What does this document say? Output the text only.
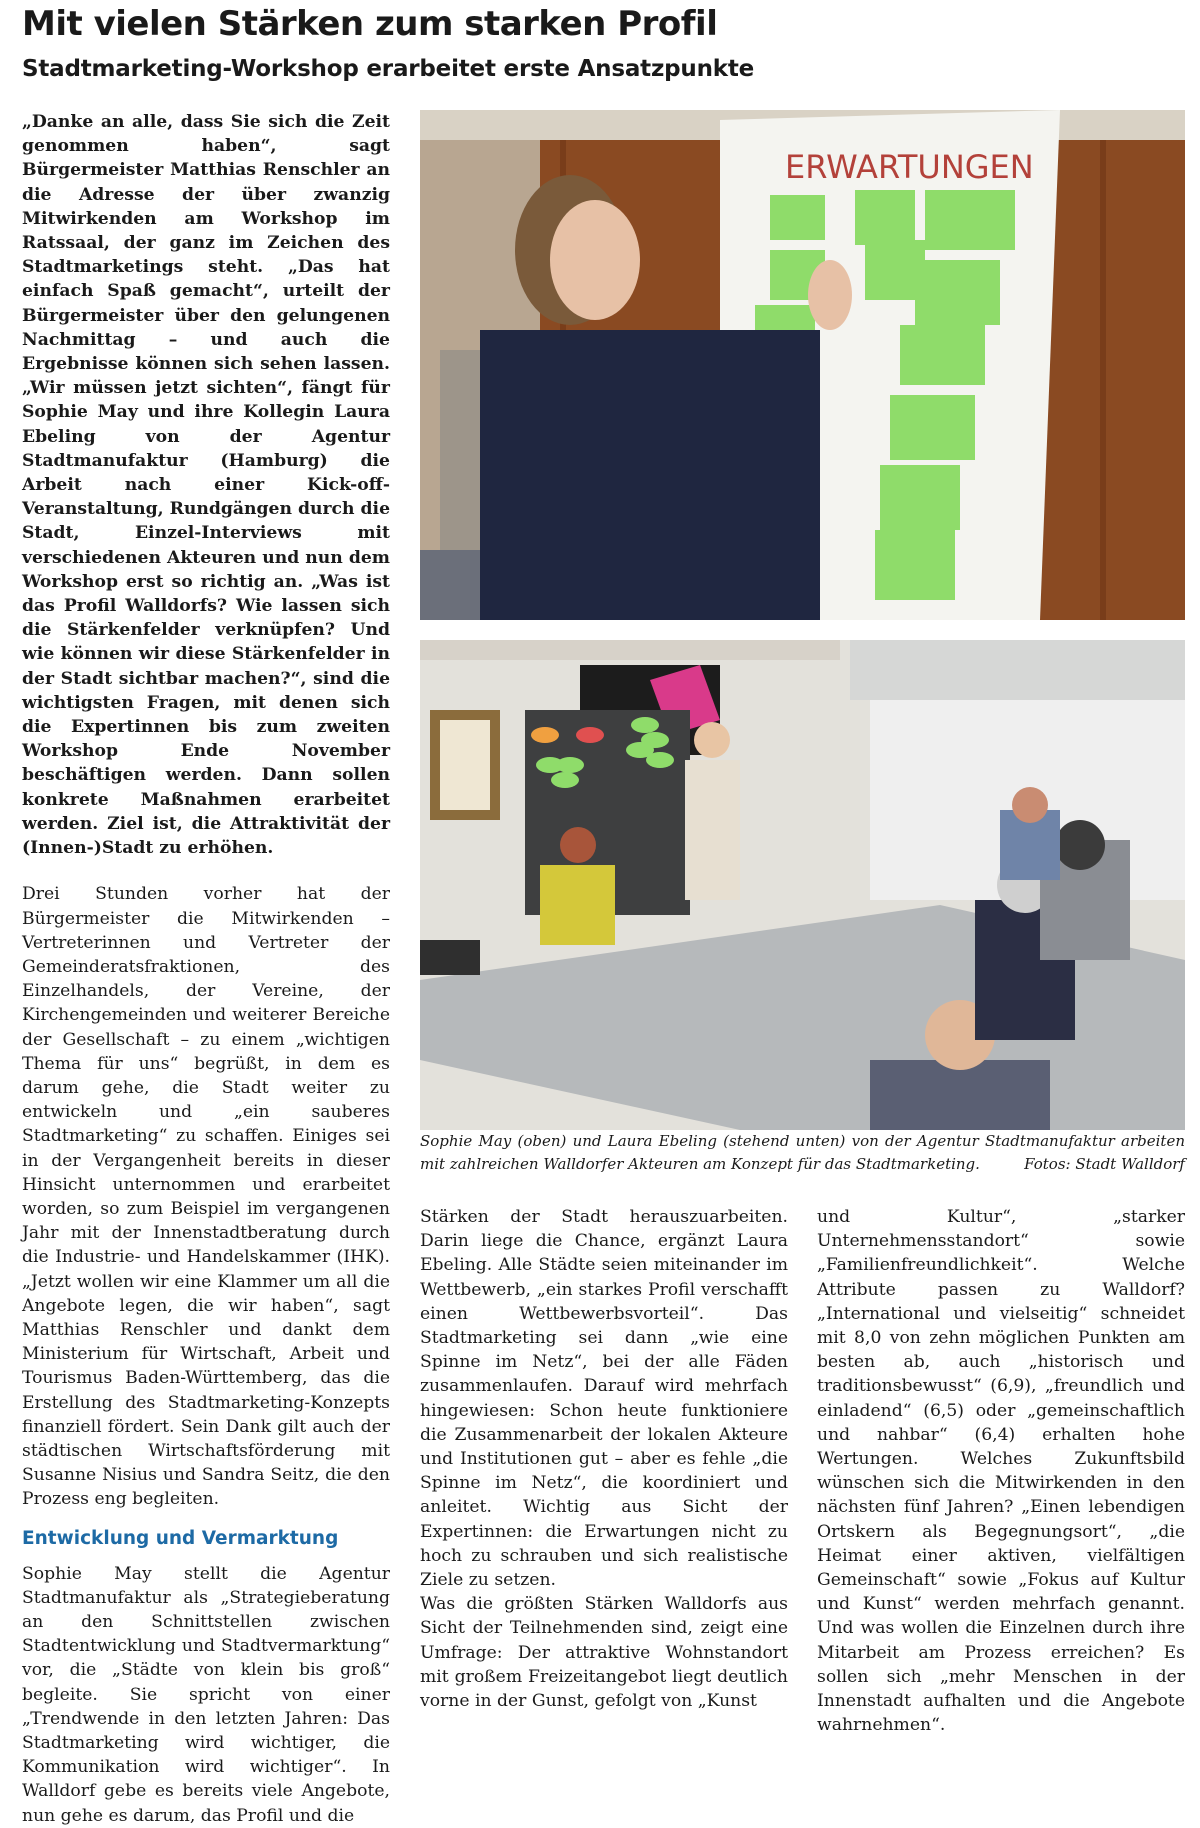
Mit vielen Stärken zum starken Profil
Stadtmarketing-Workshop erarbeitet erste Ansatzpunkte

„Danke an alle, dass Sie sich die Zeit genommen haben“, sagt Bürgermeister Matthias Renschler an die Adresse der über zwanzig Mitwirkenden am Workshop im Ratssaal, der ganz im Zeichen des Stadtmarketings steht. „Das hat einfach Spaß gemacht“, urteilt der Bürgermeister über den gelungenen Nachmittag – und auch die Ergebnisse können sich sehen lassen. „Wir müssen jetzt sichten“, fängt für Sophie May und ihre Kollegin Laura Ebeling von der Agentur Stadtmanufaktur (Hamburg) die Arbeit nach einer Kick-off-Veranstaltung, Rundgängen durch die Stadt, Einzel-Interviews mit verschiedenen Akteuren und nun dem Workshop erst so richtig an. „Was ist das Profil Walldorfs? Wie lassen sich die Stärkenfelder verknüpfen? Und wie können wir diese Stärkenfelder in der Stadt sichtbar machen?“, sind die wichtigsten Fragen, mit denen sich die Expertinnen bis zum zweiten Workshop Ende November beschäftigen werden. Dann sollen konkrete Maßnahmen erarbeitet werden. Ziel ist, die Attraktivität der (Innen-)Stadt zu erhöhen.

Drei Stunden vorher hat der Bürgermeister die Mitwirkenden – Vertreterinnen und Vertreter der Gemeinderatsfraktionen, des Einzelhandels, der Vereine, der Kirchengemeinden und weiterer Bereiche der Gesellschaft – zu einem „wichtigen Thema für uns“ begrüßt, in dem es darum gehe, die Stadt weiter zu entwickeln und „ein sauberes Stadtmarketing“ zu schaffen. Einiges sei in der Vergangenheit bereits in dieser Hinsicht unternommen und erarbeitet worden, so zum Beispiel im vergangenen Jahr mit der Innenstadtberatung durch die Industrie- und Handelskammer (IHK). „Jetzt wollen wir eine Klammer um all die Angebote legen, die wir haben“, sagt Matthias Renschler und dankt dem Ministerium für Wirtschaft, Arbeit und Tourismus Baden-Württemberg, das die Erstellung des Stadtmarketing-Konzepts finanziell fördert. Sein Dank gilt auch der städtischen Wirtschaftsförderung mit Susanne Nisius und Sandra Seitz, die den Prozess eng begleiten.

Entwicklung und Vermarktung

Sophie May stellt die Agentur Stadtmanufaktur als „Strategieberatung an den Schnittstellen zwischen Stadtentwicklung und Stadtvermarktung“ vor, die „Städte von klein bis groß“ begleite. Sie spricht von einer „Trendwende in den letzten Jahren: Das Stadtmarketing wird wichtiger, die Kommunikation wird wichtiger“. In Walldorf gebe es bereits viele Angebote, nun gehe es darum, das Profil und die

ERWARTUNGEN
Sophie May (oben) und Laura Ebeling (stehend unten) von der Agentur Stadtmanufaktur arbeiten mit zahlreichen Walldorfer Akteuren am Konzept für das Stadtmarketing.	Fotos: Stadt Walldorf

Stärken der Stadt herauszuarbeiten. Darin liege die Chance, ergänzt Laura Ebeling. Alle Städte seien miteinander im Wettbewerb, „ein starkes Profil verschafft einen Wettbewerbsvorteil“. Das Stadtmarketing sei dann „wie eine Spinne im Netz“, bei der alle Fäden zusammenlaufen. Darauf wird mehrfach hingewiesen: Schon heute funktioniere die Zusammenarbeit der lokalen Akteure und Institutionen gut – aber es fehle „die Spinne im Netz“, die koordiniert und anleitet. Wichtig aus Sicht der Expertinnen: die Erwartungen nicht zu hoch zu schrauben und sich realistische Ziele zu setzen.

Was die größten Stärken Walldorfs aus Sicht der Teilnehmenden sind, zeigt eine Umfrage: Der attraktive Wohnstandort mit großem Freizeitangebot liegt deutlich vorne in der Gunst, gefolgt von „Kunst

und Kultur“, „starker Unternehmensstandort“ sowie „Familienfreundlichkeit“. Welche Attribute passen zu Walldorf? „International und vielseitig“ schneidet mit 8,0 von zehn möglichen Punkten am besten ab, auch „historisch und traditionsbewusst“ (6,9), „freundlich und einladend“ (6,5) oder „gemeinschaftlich und nahbar“ (6,4) erhalten hohe Wertungen. Welches Zukunftsbild wünschen sich die Mitwirkenden in den nächsten fünf Jahren? „Einen lebendigen Ortskern als Begegnungsort“, „die Heimat einer aktiven, vielfältigen Gemeinschaft“ sowie „Fokus auf Kultur und Kunst“ werden mehrfach genannt. Und was wollen die Einzelnen durch ihre Mitarbeit am Prozess erreichen? Es sollen sich „mehr Menschen in der Innenstadt aufhalten und die Angebote wahrnehmen“.
